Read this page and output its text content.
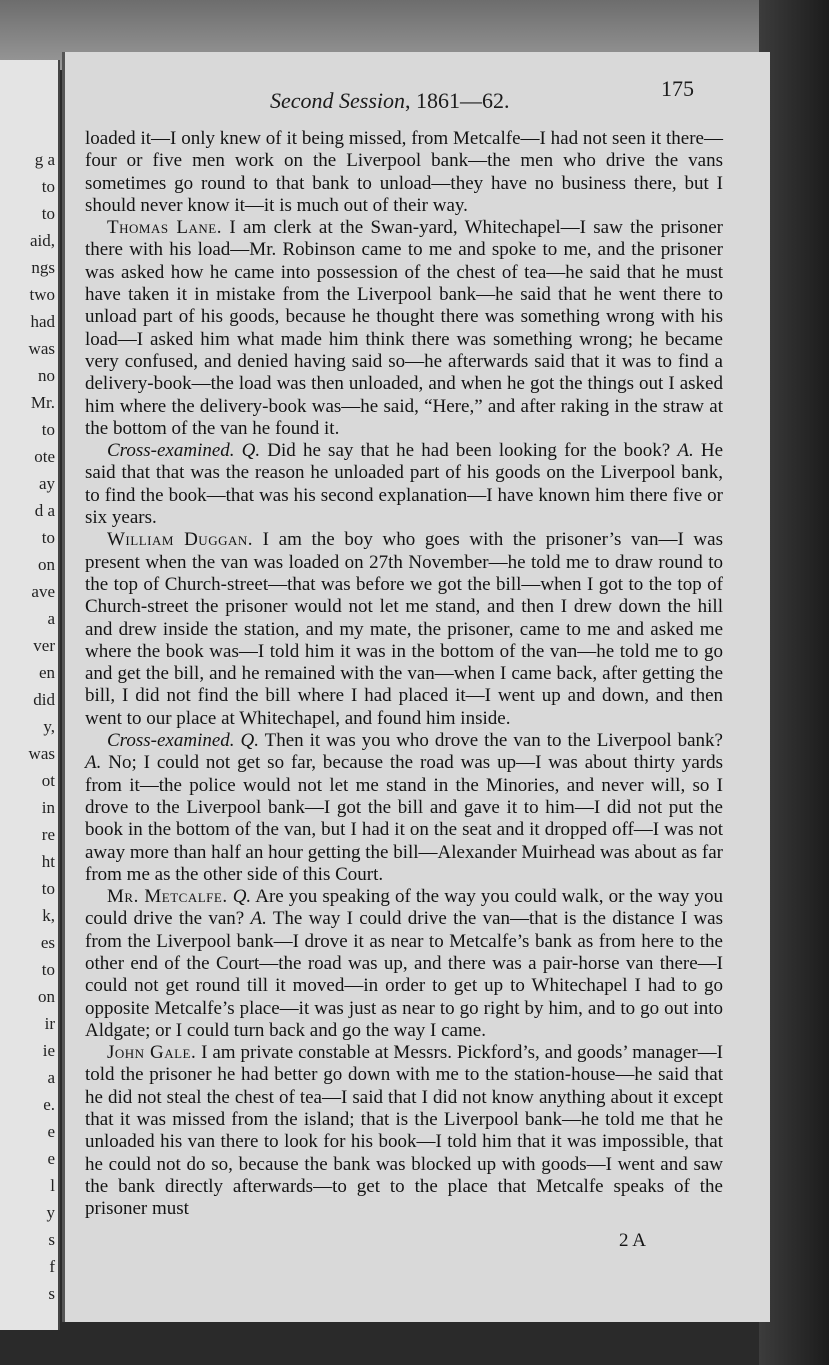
g a
to
to
aid,
ngs
two
had
was
no
Mr.
to
ote
ay
d a
to
on
ave
a
ver
en
did
y,
was
ot
in
re
ht
to
k,
es
to
on
ir
ie
a
e.
e
e
l
y
s
f
s
Second Session, 1861—62.	175

loaded it—I only knew of it being missed, from Metcalfe—I had not seen it there—four or five men work on the Liverpool bank—the men who drive the vans sometimes go round to that bank to unload—they have no business there, but I should never know it—it is much out of their way.

Thomas Lane. I am clerk at the Swan-yard, Whitechapel—I saw the prisoner there with his load—Mr. Robinson came to me and spoke to me, and the prisoner was asked how he came into possession of the chest of tea—he said that he must have taken it in mistake from the Liverpool bank—he said that he went there to unload part of his goods, because he thought there was something wrong with his load—I asked him what made him think there was something wrong; he became very confused, and denied having said so—he afterwards said that it was to find a delivery-book—the load was then unloaded, and when he got the things out I asked him where the delivery-book was—he said, “Here,” and after raking in the straw at the bottom of the van he found it.

Cross-examined. Q. Did he say that he had been looking for the book? A. He said that that was the reason he unloaded part of his goods on the Liverpool bank, to find the book—that was his second explanation—I have known him there five or six years.

William Duggan. I am the boy who goes with the prisoner’s van—I was present when the van was loaded on 27th November—he told me to draw round to the top of Church-street—that was before we got the bill—when I got to the top of Church-street the prisoner would not let me stand, and then I drew down the hill and drew inside the station, and my mate, the prisoner, came to me and asked me where the book was—I told him it was in the bottom of the van—he told me to go and get the bill, and he remained with the van—when I came back, after getting the bill, I did not find the bill where I had placed it—I went up and down, and then went to our place at Whitechapel, and found him inside.

Cross-examined. Q. Then it was you who drove the van to the Liverpool bank? A. No; I could not get so far, because the road was up—I was about thirty yards from it—the police would not let me stand in the Minories, and never will, so I drove to the Liverpool bank—I got the bill and gave it to him—I did not put the book in the bottom of the van, but I had it on the seat and it dropped off—I was not away more than half an hour getting the bill—Alexander Muirhead was about as far from me as the other side of this Court.

Mr. Metcalfe. Q. Are you speaking of the way you could walk, or the way you could drive the van? A. The way I could drive the van—that is the distance I was from the Liverpool bank—I drove it as near to Metcalfe’s bank as from here to the other end of the Court—the road was up, and there was a pair-horse van there—I could not get round till it moved—in order to get up to Whitechapel I had to go opposite Metcalfe’s place—it was just as near to go right by him, and to go out into Aldgate; or I could turn back and go the way I came.

John Gale. I am private constable at Messrs. Pickford’s, and goods’ manager—I told the prisoner he had better go down with me to the station-house—he said that he did not steal the chest of tea—I said that I did not know anything about it except that it was missed from the island; that is the Liverpool bank—he told me that he unloaded his van there to look for his book—I told him that it was impossible, that he could not do so, because the bank was blocked up with goods—I went and saw the bank directly afterwards—to get to the place that Metcalfe speaks of the prisoner must

2 A
